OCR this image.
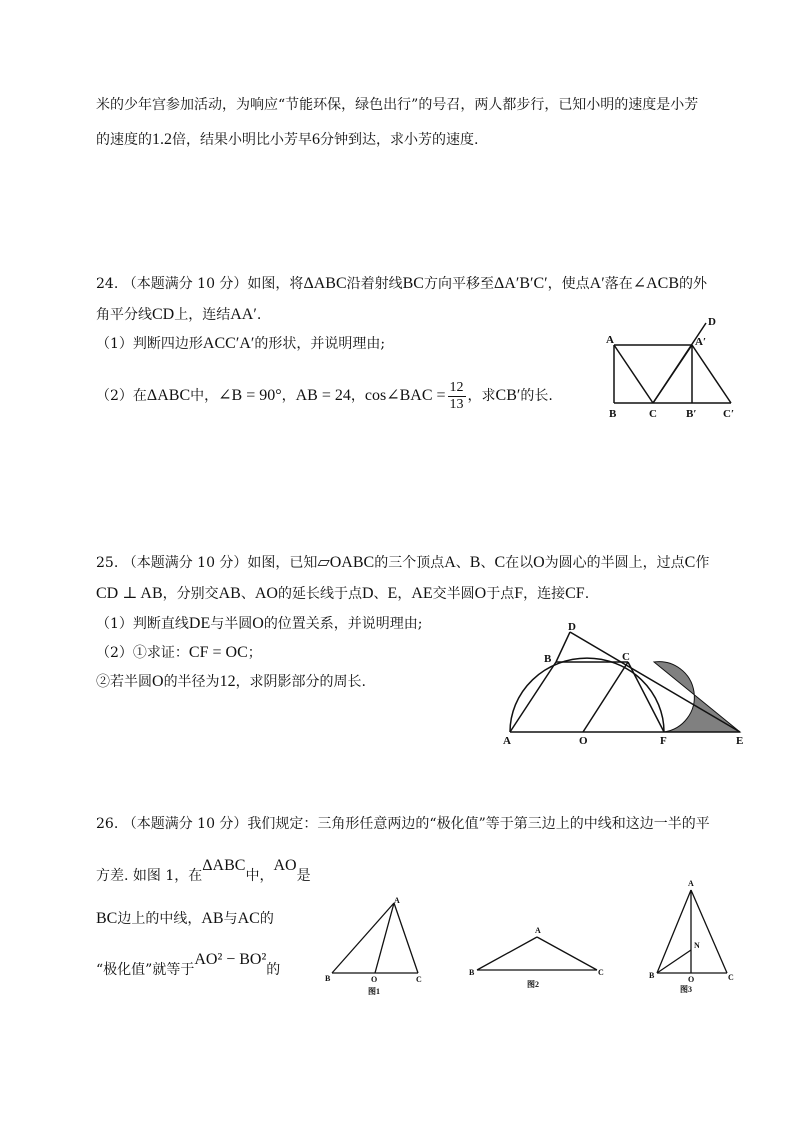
米的少年宫参加活动，为响应“节能环保，绿色出行”的号召，两人都步行，已知小明的速度是小芳
的速度的1.2倍，结果小明比小芳早6分钟到达，求小芳的速度.
24. （本题满分 10 分）如图，将ΔABC沿着射线BC方向平移至ΔA′B′C′，使点A′落在∠ACB的外
角平分线CD上，连结AA′.
（1）判断四边形ACC′A′的形状，并说明理由;
（2）在ΔABC中，∠B = 90°，AB = 24，cos∠BAC = $\frac{12}{13}$ ，求CB′的长.
A	A′
D
B	C	B′ C′
25. （本题满分 10 分）如图，已知▱OABC的三个顶点A、B、C在以O为圆心的半圆上，过点C作
CD ⊥ AB，分别交AB、AO的延长线于点D、E，AE交半圆O于点F，连接CF.
（1）判断直线DE与半圆O的位置关系，并说明理由;
（2）①求证：CF = OC；
②若半圆O的半径为12，求阴影部分的周长.
A
B	C
D
E
F
O
26. （本题满分 10 分）我们规定：三角形任意两边的“极化值”等于第三边上的中线和这边一半的平
方差. 如图 1，在ΔABC中，AO是
BC边上的中线，AB与AC的
“极化值”就等于AO² − BO²的
A
B	O	C
图1
A
B	C
图2
A
N
B	O	C
图3
